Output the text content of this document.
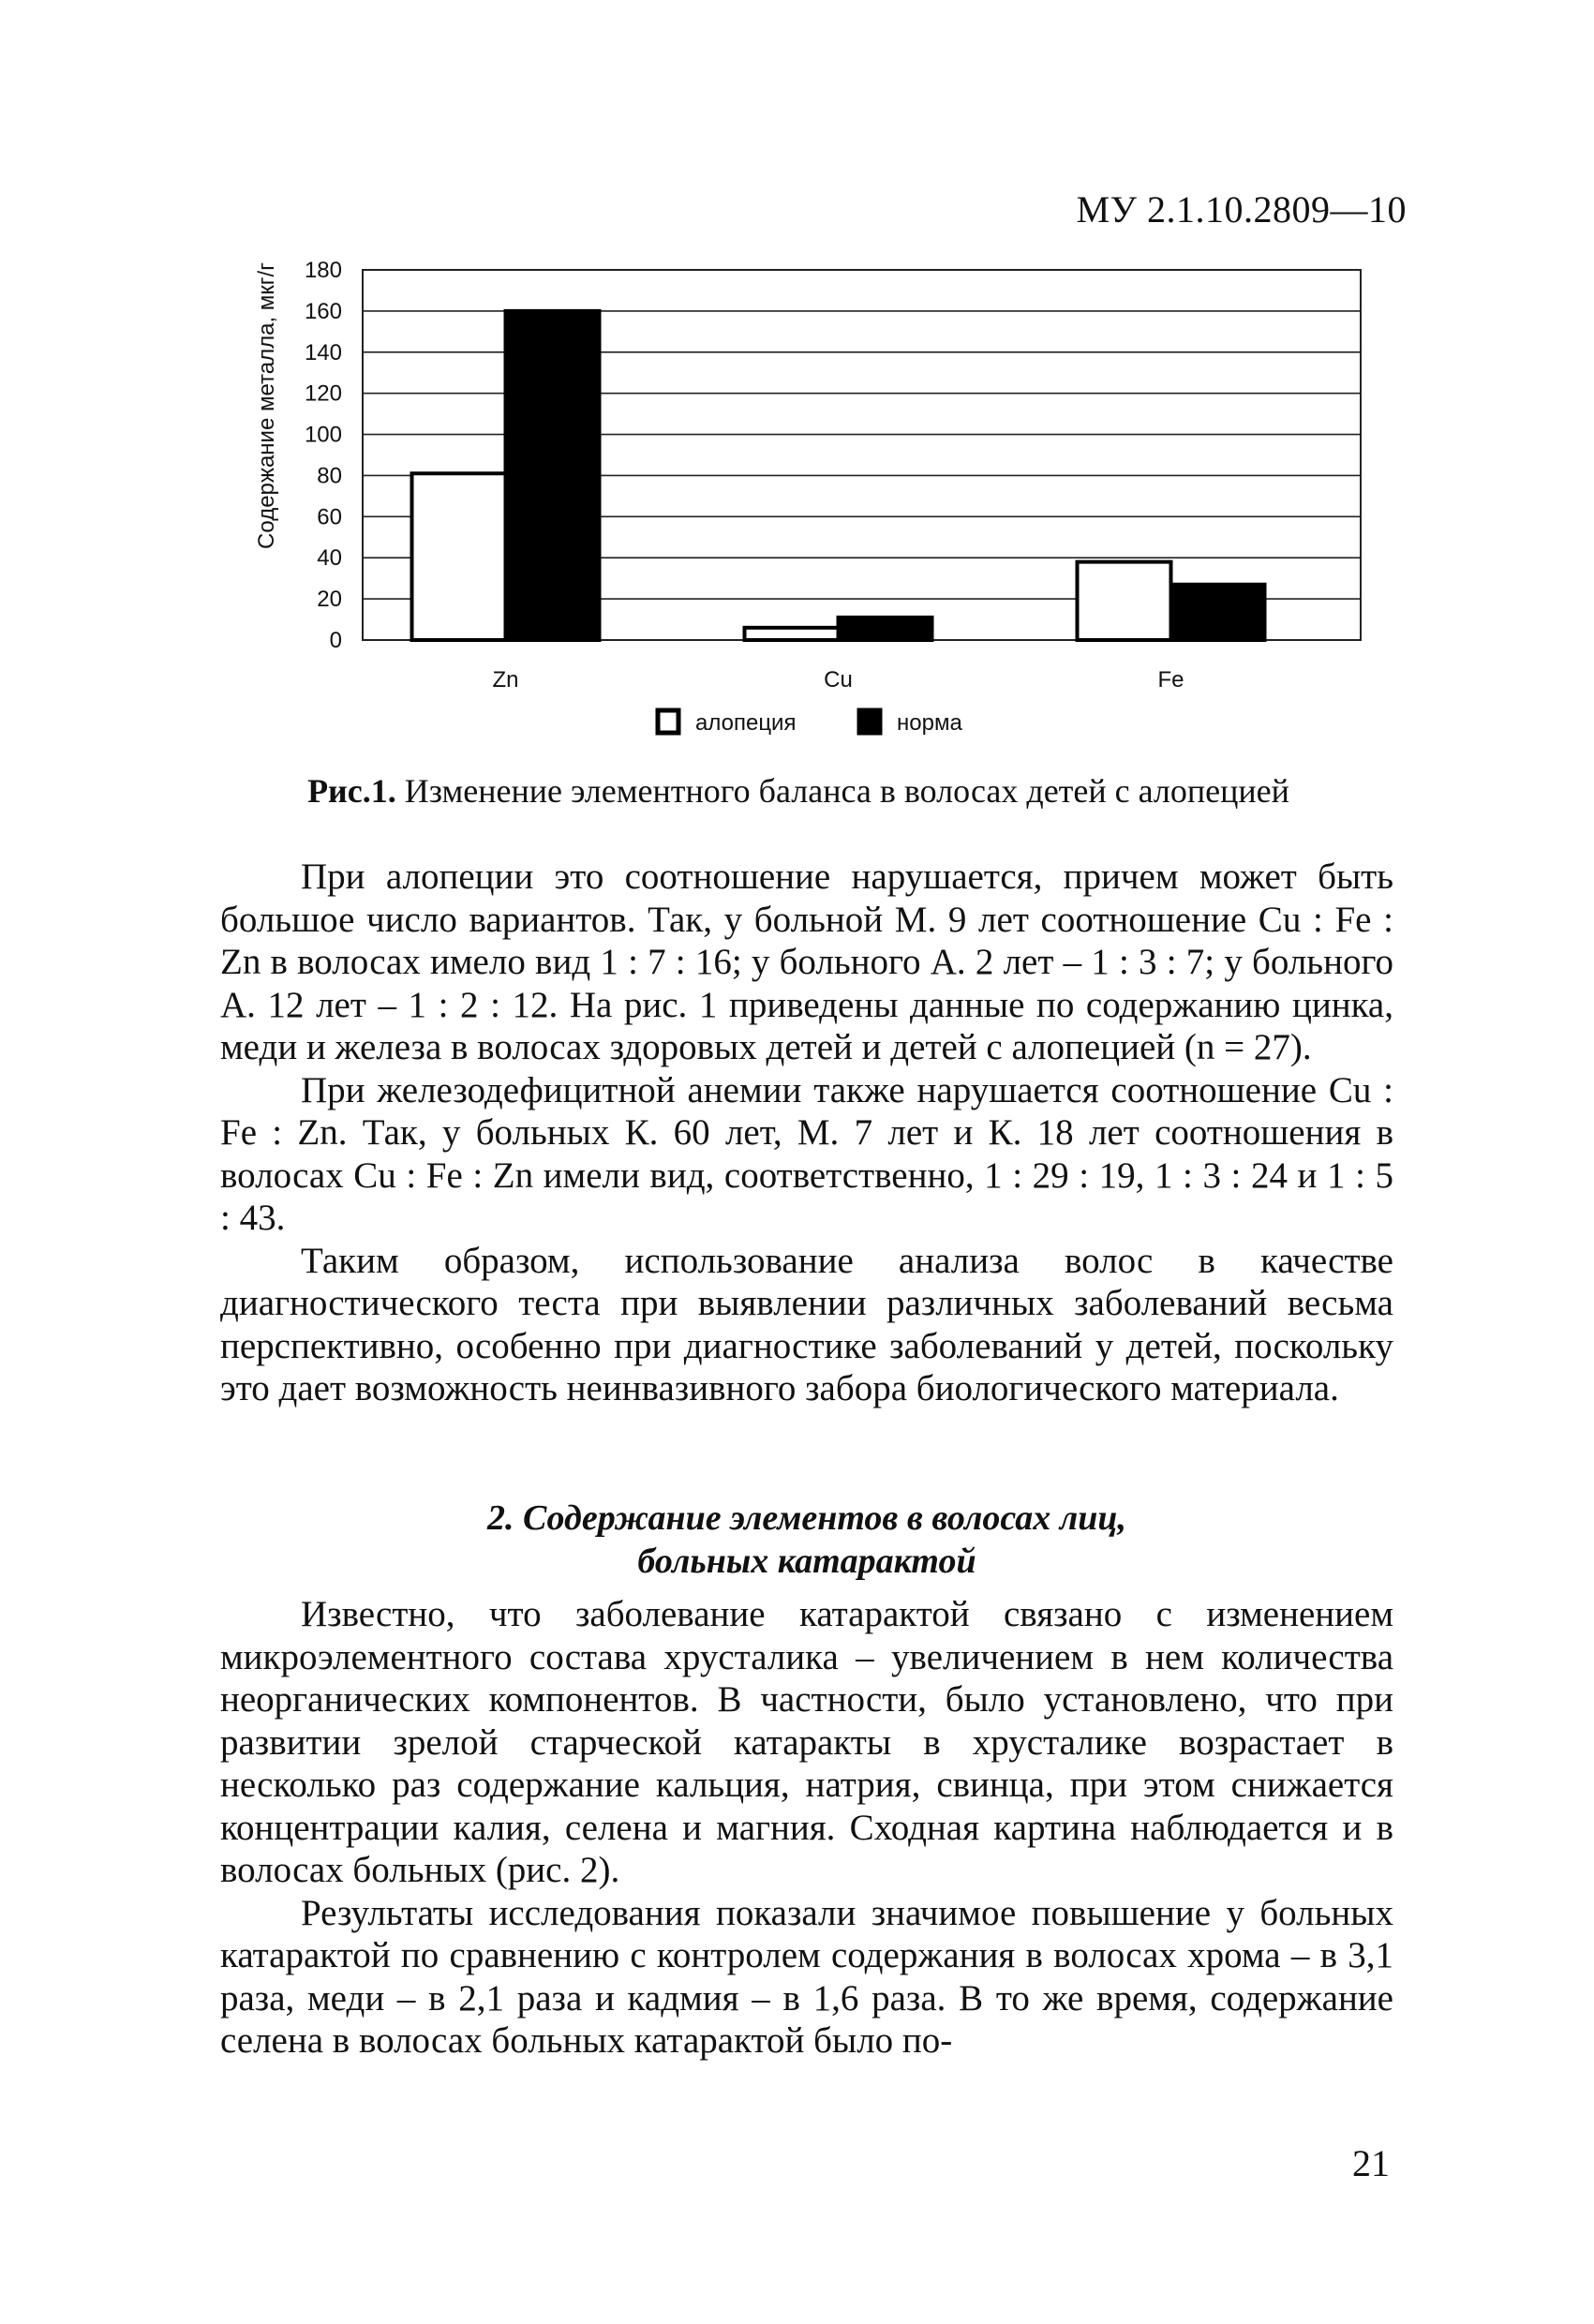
МУ 2.1.10.2809—10
0
20
40
60
80
100
120
140
160
180
Zn	Cu	Fe
Содержание металла, мкг/г
алопеция	норма
Рис.1. Изменение элементного баланса в волосах детей с алопецией

При алопеции это соотношение нарушается, причем может быть большое число вариантов. Так, у больной М. 9 лет соотношение Cu : Fe : Zn в волосах имело вид 1 : 7 : 16; у больного А. 2 лет – 1 : 3 : 7; у больного А. 12 лет – 1 : 2 : 12. На рис. 1 приведены данные по содержанию цинка, меди и железа в волосах здоровых детей и детей с алопецией (n = 27).

При железодефицитной анемии также нарушается соотношение Cu : Fe : Zn. Так, у больных К. 60 лет, М. 7 лет и К. 18 лет соотношения в волосах Cu : Fe : Zn имели вид, соответственно, 1 : 29 : 19, 1 : 3 : 24 и 1 : 5 : 43.

Таким образом, использование анализа волос в качестве диагностического теста при выявлении различных заболеваний весьма перспективно, особенно при диагностике заболеваний у детей, поскольку это дает возможность неинвазивного забора биологического материала.

2. Содержание элементов в волосах лиц,
больных катарактой

Известно, что заболевание катарактой связано с изменением микроэлементного состава хрусталика – увеличением в нем количества неорганических компонентов. В частности, было установлено, что при развитии зрелой старческой катаракты в хрусталике возрастает в несколько раз содержание кальция, натрия, свинца, при этом снижается концентрации калия, селена и магния. Сходная картина наблюдается и в волосах больных (рис. 2).

Результаты исследования показали значимое повышение у больных катарактой по сравнению с контролем содержания в волосах хрома – в 3,1 раза, меди – в 2,1 раза и кадмия – в 1,6 раза. В то же время, содержание селена в волосах больных катарактой было по-

21
